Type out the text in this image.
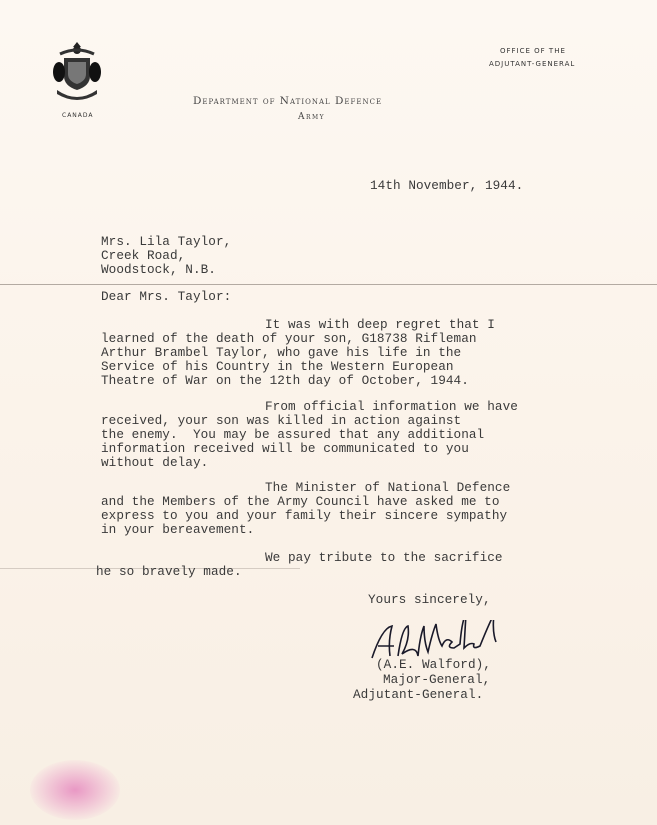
CANADA
OFFICE OF THE
ADJUTANT-GENERAL
Department of National Defence
Army
14th November, 1944.
Mrs. Lila Taylor,
Creek Road,
Woodstock, N.B.
Dear Mrs. Taylor:
It was with deep regret that I
learned of the death of your son, G18738 Rifleman
Arthur Brambel Taylor, who gave his life in the
Service of his Country in the Western European
Theatre of War on the 12th day of October, 1944.
From official information we have
received, your son was killed in action against
the enemy.  You may be assured that any additional
information received will be communicated to you
without delay.
The Minister of National Defence
and the Members of the Army Council have asked me to
express to you and your family their sincere sympathy
in your bereavement.
We pay tribute to the sacrifice
he so bravely made.
Yours sincerely,
(A.E. Walford),
Major-General,
Adjutant-General.
